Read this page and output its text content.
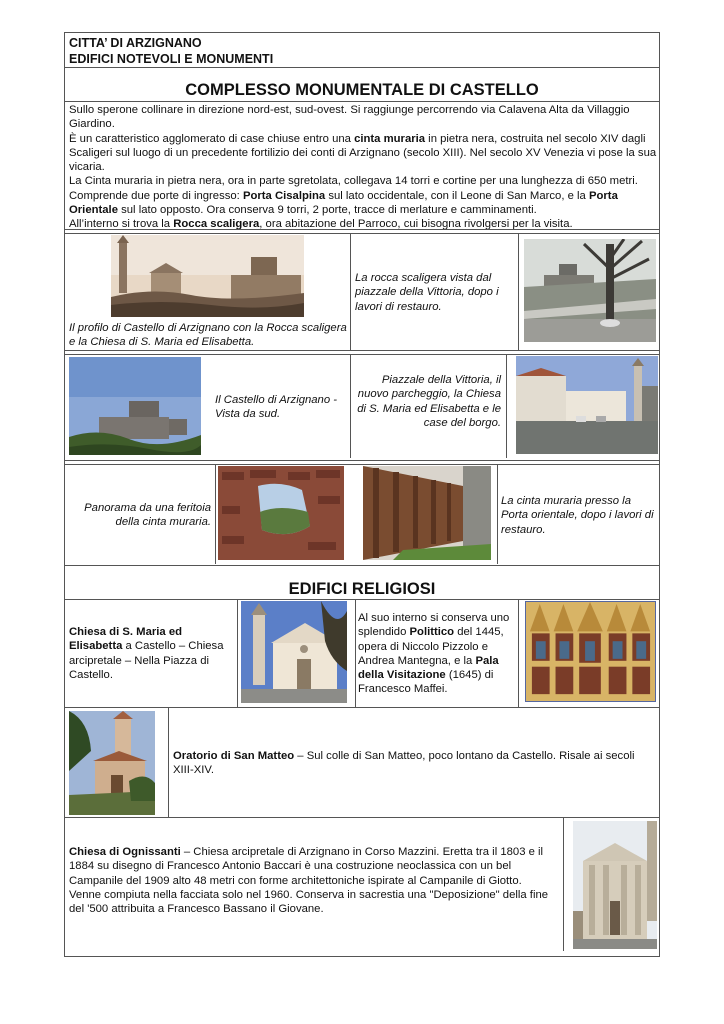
CITTA’ DI ARZIGNANO
EDIFICI NOTEVOLI E MONUMENTI
COMPLESSO MONUMENTALE DI CASTELLO

Sullo sperone collinare in direzione nord-est, sud-ovest. Si raggiunge percorrendo via Calavena Alta da Villaggio Giardino.

È un caratteristico agglomerato di case chiuse entro una cinta muraria in pietra nera, costruita nel secolo XIV dagli Scaligeri sul luogo di un precedente fortilizio dei conti di Arzignano (secolo XIII). Nel secolo XV Venezia vi pose la sua vicaria.

La Cinta muraria in pietra nera, ora in parte sgretolata, collegava 14 torri e cortine per una lunghezza di 650 metri. Comprende due porte di ingresso: Porta Cisalpina sul lato occidentale, con il Leone di San Marco, e la Porta Orientale sul lato opposto. Ora conserva 9 torri, 2 porte, tracce di merlature e camminamenti.

All’interno si trova la Rocca scaligera, ora abitazione del Parroco, cui bisogna rivolgersi per la visita.

Il profilo di Castello di Arzignano con la Rocca scaligera e la Chiesa di S. Maria ed Elisabetta.
La rocca scaligera vista dal piazzale della Vittoria, dopo i lavori di restauro.
Il Castello di Arzignano - Vista da sud.
Piazzale della Vittoria, il nuovo parcheggio, la Chiesa di S. Maria ed Elisabetta e le case del borgo.
Panorama da una feritoia della cinta muraria.
La cinta muraria presso la Porta orientale, dopo i lavori di restauro.
EDIFICI RELIGIOSI
Chiesa di S. Maria ed Elisabetta a Castello – Chiesa arcipretale – Nella Piazza di Castello.
Al suo interno si conserva uno splendido Polittico del 1445, opera di Niccolo Pizzolo e Andrea Mantegna, e la Pala della Visitazione (1645) di Francesco Maffei.
Oratorio di San Matteo – Sul colle di San Matteo, poco lontano da Castello. Risale ai secoli XIII-XIV.
Chiesa di Ognissanti – Chiesa arcipretale di Arzignano in Corso Mazzini. Eretta tra il 1803 e il 1884 su disegno di Francesco Antonio Baccari è una costruzione neoclassica con un bel Campanile del 1909 alto 48 metri con forme architettoniche ispirate al Campanile di Giotto. Venne compiuta nella facciata solo nel 1960. Conserva in sacrestia una "Deposizione" della fine del '500 attribuita a Francesco Bassano il Giovane.
